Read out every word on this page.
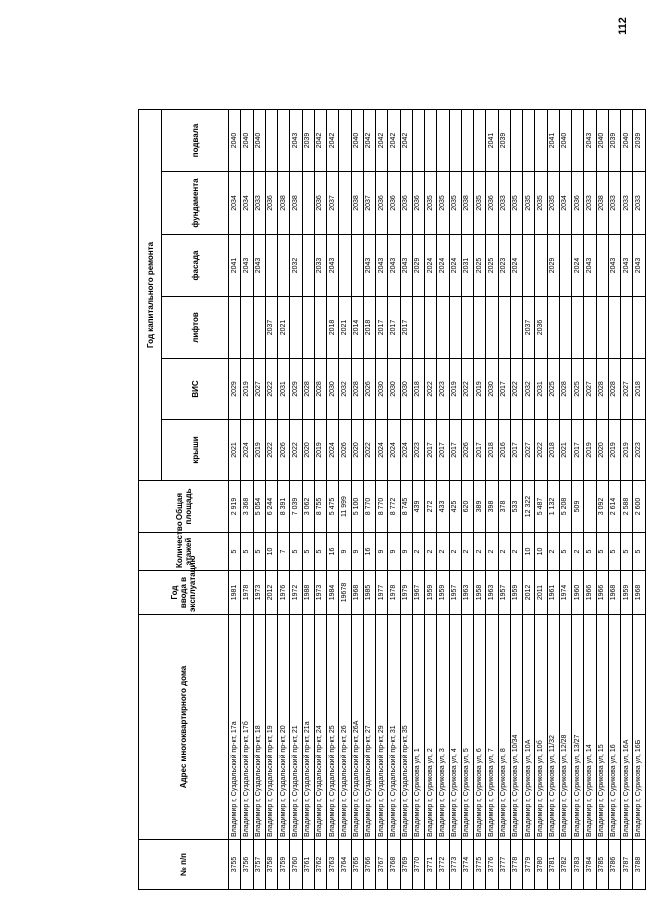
112
№ п/п	Адрес многоквартирного дома	Год ввода в эксплуатацию	Количество этажей	Общая площадь	Год капитального ремонта					
					крыши	ВИС	лифтов	фасада	фундамента	подвала
3755	Владимир г, Суздальский пр-кт, 17а	1981	5	2 919	2021	2029		2041	2034	2040
3756	Владимир г, Суздальский пр-кт, 17б	1978	5	3 368	2024	2019		2043	2034	2040
3757	Владимир г, Суздальский пр-кт, 18	1973	5	5 054	2019	2027		2043	2033	2040
3758	Владимир г, Суздальский пр-кт, 19	2012	10	6 244	2022	2022	2037		2036	
3759	Владимир г, Суздальский пр-кт, 20	1976	7	8 391	2026	2031	2021		2038	
3760	Владимир г, Суздальский пр-кт, 21	1972	5	7 039	2022	2029		2032	2038	2043
3761	Владимир г, Суздальский пр-кт, 21а	1988	5	3 062	2020	2028				2039
3762	Владимир г, Суздальский пр-кт, 24	1973	5	8 755	2019	2028		2033	2036	2042
3763	Владимир г, Суздальский пр-кт, 25	1984	16	5 475	2024	2030	2018	2043	2037	2042
3764	Владимир г, Суздальский пр-кт, 26	19678	9	11 999	2026	2032	2021			
3765	Владимир г, Суздальский пр-кт, 26А	1968	9	5 100	2020	2028	2014		2038	2040
3766	Владимир г, Суздальский пр-кт, 27	1985	16	8 770	2022	2026	2018	2043	2037	2042
3767	Владимир г, Суздальский пр-кт, 29	1977	9	8 770	2024	2030	2017	2043	2036	2042
3768	Владимир г, Суздальский пр-кт, 31	1978	9	8 772	2024	2030	2017	2043	2036	2042
3769	Владимир г, Суздальский пр-кт, 35	1979	9	8 745	2024	2030	2017	2043	2036	2042
3770	Владимир г, Сурикова ул, 1	1967	2	439	2023	2018		2029	2036	
3771	Владимир г, Сурикова ул, 2	1959	2	272	2017	2022		2024	2035	
3772	Владимир г, Сурикова ул, 3	1959	2	433	2017	2023		2024	2035	
3773	Владимир г, Сурикова ул, 4	1957	2	425	2017	2019		2024	2035	
3774	Владимир г, Сурикова ул, 5	1963	2	620	2026	2022		2031	2038	
3775	Владимир г, Сурикова ул, 6	1958	2	389	2017	2019		2025	2035	
3776	Владимир г, Сурикова ул, 7	1963	2	398	2018	2030		2025	2036	2041
3777	Владимир г, Сурикова ул, 8	1957	2	378	2016	2017		2023	2033	2039
3778	Владимир г, Сурикова ул, 10/34	1959	2	533	2017	2022		2024	2035	
3779	Владимир г, Сурикова ул, 10А	2012	10	12 322	2027	2032	2037		2035	
3780	Владимир г, Сурикова ул, 10б	2011	10	5 487	2022	2031	2036		2035	
3781	Владимир г, Сурикова ул, 11/32	1961	2	1 132	2018	2025		2029	2035	2041
3782	Владимир г, Сурикова ул, 12/28	1974	5	5 208	2021	2028			2034	2040
3783	Владимир г, Сурикова ул, 13/27	1960	2	509	2017	2025		2024	2036	
3784	Владимир г, Сурикова ул, 14	1966	5		2019	2027		2043	2033	2043
3785	Владимир г, Сурикова ул, 15	1966	5	3 092	2020	2028			2038	2040
3786	Владимир г, Сурикова ул, 16	1968	5	2 614	2019	2028		2043	2033	2039
3787	Владимир г, Сурикова ул, 16А	1959	5	2 588	2019	2027		2043	2033	2040
3788	Владимир г, Сурикова ул, 16Б	1968	5	2 600	2023	2018		2043	2033	2039
